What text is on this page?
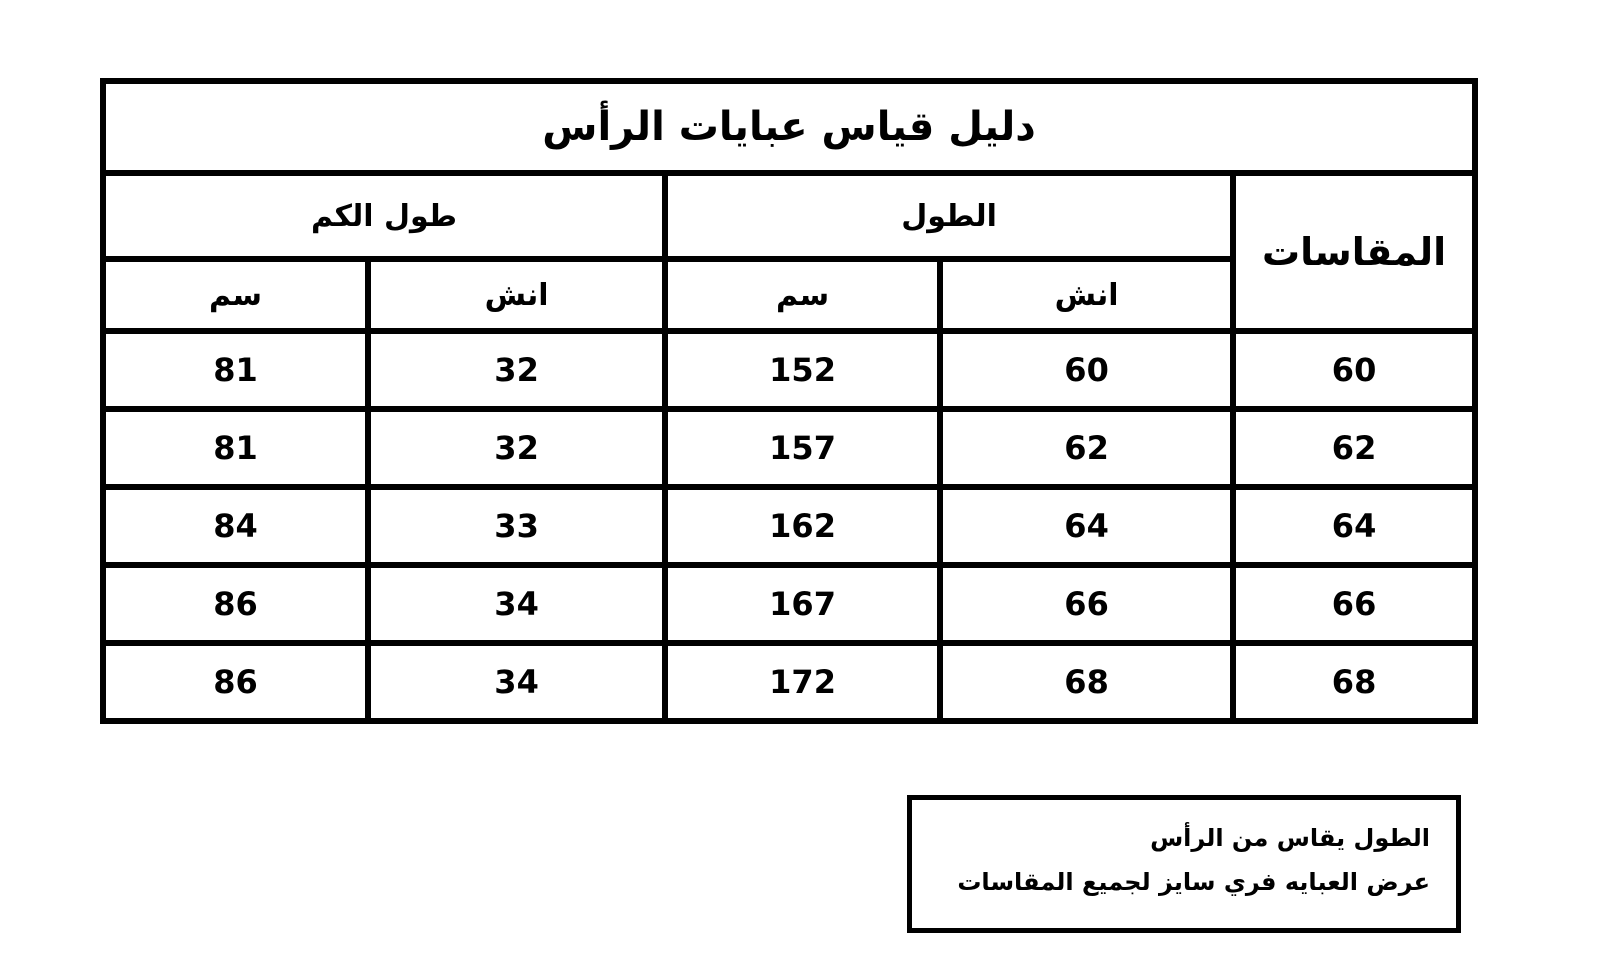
دليل قياس عبايات الرأس				
المقاسات	الطول		طول الكم	
	انش	سم	انش	سم
60	60	152	32	81
62	62	157	32	81
64	64	162	33	84
66	66	167	34	86
68	68	172	34	86
الطول يقاس من الرأس
عرض العبايه فري سايز لجميع المقاسات
